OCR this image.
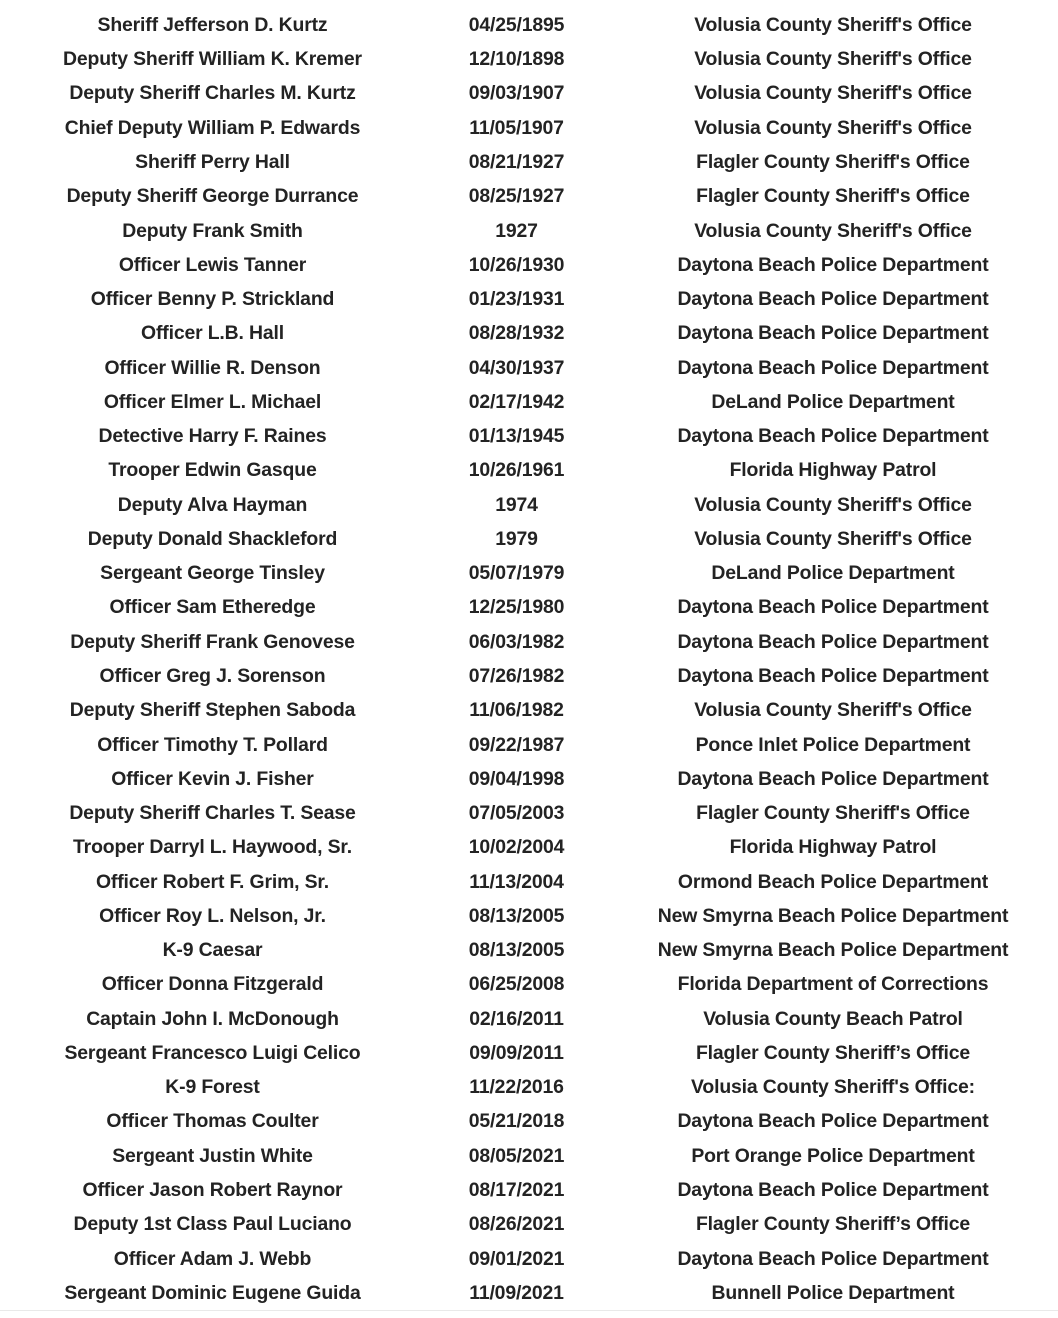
Sheriff Jefferson D. Kurtz	04/25/1895	Volusia County Sheriff's Office
Deputy Sheriff William K. Kremer	12/10/1898	Volusia County Sheriff's Office
Deputy Sheriff Charles M. Kurtz	09/03/1907	Volusia County Sheriff's Office
Chief Deputy William P. Edwards	11/05/1907	Volusia County Sheriff's Office
Sheriff Perry Hall	08/21/1927	Flagler County Sheriff's Office
Deputy Sheriff George Durrance	08/25/1927	Flagler County Sheriff's Office
Deputy Frank Smith	1927	Volusia County Sheriff's Office
Officer Lewis Tanner	10/26/1930	Daytona Beach Police Department
Officer Benny P. Strickland	01/23/1931	Daytona Beach Police Department
Officer L.B. Hall	08/28/1932	Daytona Beach Police Department
Officer Willie R. Denson	04/30/1937	Daytona Beach Police Department
Officer Elmer L. Michael	02/17/1942	DeLand Police Department
Detective Harry F. Raines	01/13/1945	Daytona Beach Police Department
Trooper Edwin Gasque	10/26/1961	Florida Highway Patrol
Deputy Alva Hayman	1974	Volusia County Sheriff's Office
Deputy Donald Shackleford	1979	Volusia County Sheriff's Office
Sergeant George Tinsley	05/07/1979	DeLand Police Department
Officer Sam Etheredge	12/25/1980	Daytona Beach Police Department
Deputy Sheriff Frank Genovese	06/03/1982	Daytona Beach Police Department
Officer Greg J. Sorenson	07/26/1982	Daytona Beach Police Department
Deputy Sheriff Stephen Saboda	11/06/1982	Volusia County Sheriff's Office
Officer Timothy T. Pollard	09/22/1987	Ponce Inlet Police Department
Officer Kevin J. Fisher	09/04/1998	Daytona Beach Police Department
Deputy Sheriff Charles T. Sease	07/05/2003	Flagler County Sheriff's Office
Trooper Darryl L. Haywood, Sr.	10/02/2004	Florida Highway Patrol
Officer Robert F. Grim, Sr.	11/13/2004	Ormond Beach Police Department
Officer Roy L. Nelson, Jr.	08/13/2005	New Smyrna Beach Police Department
K-9 Caesar	08/13/2005	New Smyrna Beach Police Department
Officer Donna Fitzgerald	06/25/2008	Florida Department of Corrections
Captain John I. McDonough	02/16/2011	Volusia County Beach Patrol
Sergeant Francesco Luigi Celico	09/09/2011	Flagler County Sheriff’s Office
K-9 Forest	11/22/2016	Volusia County Sheriff's Office:
Officer Thomas Coulter	05/21/2018	Daytona Beach Police Department
Sergeant Justin White	08/05/2021	Port Orange Police Department
Officer Jason Robert Raynor	08/17/2021	Daytona Beach Police Department
Deputy 1st Class Paul Luciano	08/26/2021	Flagler County Sheriff’s Office
Officer Adam J. Webb	09/01/2021	Daytona Beach Police Department
Sergeant Dominic Eugene Guida	11/09/2021	Bunnell Police Department
